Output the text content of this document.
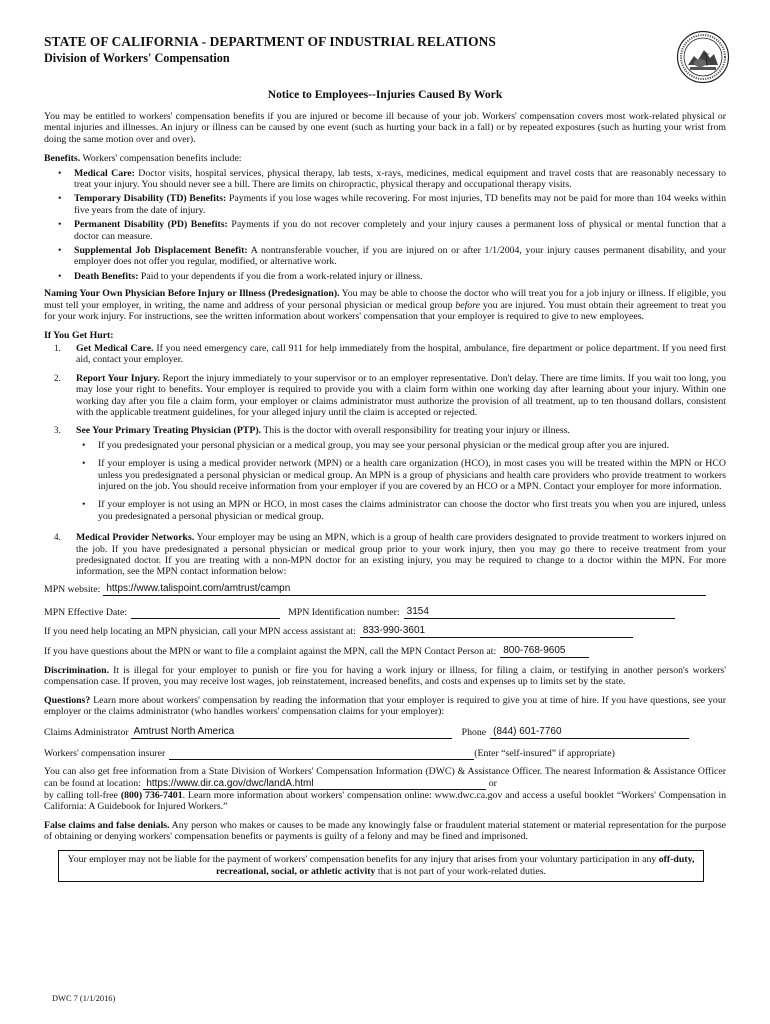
STATE OF CALIFORNIA - DEPARTMENT OF INDUSTRIAL RELATIONS
Division of Workers' Compensation
Notice to Employees--Injuries Caused By Work

You may be entitled to workers' compensation benefits if you are injured or become ill because of your job. Workers' compensation covers most work-related physical or mental injuries and illnesses. An injury or illness can be caused by one event (such as hurting your back in a fall) or by repeated exposures (such as hurting your wrist from doing the same motion over and over).

Benefits. Workers' compensation benefits include:

• Medical Care: Doctor visits, hospital services, physical therapy, lab tests, x-rays, medicines, medical equipment and travel costs that are reasonably necessary to treat your injury. You should never see a bill. There are limits on chiropractic, physical therapy and occupational therapy visits.
• Temporary Disability (TD) Benefits: Payments if you lose wages while recovering. For most injuries, TD benefits may not be paid for more than 104 weeks within five years from the date of injury.
• Permanent Disability (PD) Benefits: Payments if you do not recover completely and your injury causes a permanent loss of physical or mental function that a doctor can measure.
• Supplemental Job Displacement Benefit: A nontransferable voucher, if you are injured on or after 1/1/2004, your injury causes permanent disability, and your employer does not offer you regular, modified, or alternative work.
• Death Benefits: Paid to your dependents if you die from a work-related injury or illness.

Naming Your Own Physician Before Injury or Illness (Predesignation). You may be able to choose the doctor who will treat you for a job injury or illness. If eligible, you must tell your employer, in writing, the name and address of your personal physician or medical group before you are injured. You must obtain their agreement to treat you for your work injury. For instructions, see the written information about workers' compensation that your employer is required to give to new employees.

If You Get Hurt:

1. Get Medical Care. If you need emergency care, call 911 for help immediately from the hospital, ambulance, fire department or police department. If you need first aid, contact your employer.
2. Report Your Injury. Report the injury immediately to your supervisor or to an employer representative. Don't delay. There are time limits. If you wait too long, you may lose your right to benefits. Your employer is required to provide you with a claim form within one working day after learning about your injury. Within one working day after you file a claim form, your employer or claims administrator must authorize the provision of all treatment, up to ten thousand dollars, consistent with the applicable treatment guidelines, for your alleged injury until the claim is accepted or rejected.
3. See Your Primary Treating Physician (PTP). This is the doctor with overall responsibility for treating your injury or illness.
• If you predesignated your personal physician or a medical group, you may see your personal physician or the medical group after you are injured.
• If your employer is using a medical provider network (MPN) or a health care organization (HCO), in most cases you will be treated within the MPN or HCO unless you predesignated a personal physician or medical group. An MPN is a group of physicians and health care providers who provide treatment to workers injured on the job. You should receive information from your employer if you are covered by an HCO or a MPN. Contact your employer for more information.
• If your employer is not using an MPN or HCO, in most cases the claims administrator can choose the doctor who first treats you when you are injured, unless you predesignated a personal physician or medical group.
4. Medical Provider Networks. Your employer may be using an MPN, which is a group of health care providers designated to provide treatment to workers injured on the job. If you have predesignated a personal physician or medical group prior to your work injury, then you may go there to receive treatment from your predesignated doctor. If you are treating with a non-MPN doctor for an existing injury, you may be required to change to a doctor within the MPN. For more information, see the MPN contact information below:
MPN website: https://www.talispoint.com/amtrust/campn
MPN Effective Date:	MPN Identification number: 3154
If you need help locating an MPN physician, call your MPN access assistant at: 833-990-3601
If you have questions about the MPN or want to file a complaint against the MPN, call the MPN Contact Person at: 800-768-9605

Discrimination. It is illegal for your employer to punish or fire you for having a work injury or illness, for filing a claim, or testifying in another person's workers' compensation case. If proven, you may receive lost wages, job reinstatement, increased benefits, and costs and expenses up to limits set by the state.

Questions? Learn more about workers' compensation by reading the information that your employer is required to give you at time of hire. If you have questions, see your employer or the claims administrator (who handles workers' compensation claims for your employer):

Claims Administrator Amtrust North America	Phone (844) 601-7760
Workers' compensation insurer	(Enter “self-insured” if appropriate)

You can also get free information from a State Division of Workers' Compensation Information (DWC) & Assistance Officer. The nearest Information & Assistance Officer can be found at location: https://www.dir.ca.gov/dwc/landA.html	or
by calling toll-free (800) 736-7401. Learn more information about workers' compensation online: www.dwc.ca.gov and access a useful booklet “Workers' Compensation in California: A Guidebook for Injured Workers.”

False claims and false denials. Any person who makes or causes to be made any knowingly false or fraudulent material statement or material representation for the purpose of obtaining or denying workers' compensation benefits or payments is guilty of a felony and may be fined and imprisoned.

Your employer may not be liable for the payment of workers' compensation benefits for any injury that arises from your voluntary participation in any off-duty, recreational, social, or athletic activity that is not part of your work-related duties.
DWC 7 (1/1/2016)
